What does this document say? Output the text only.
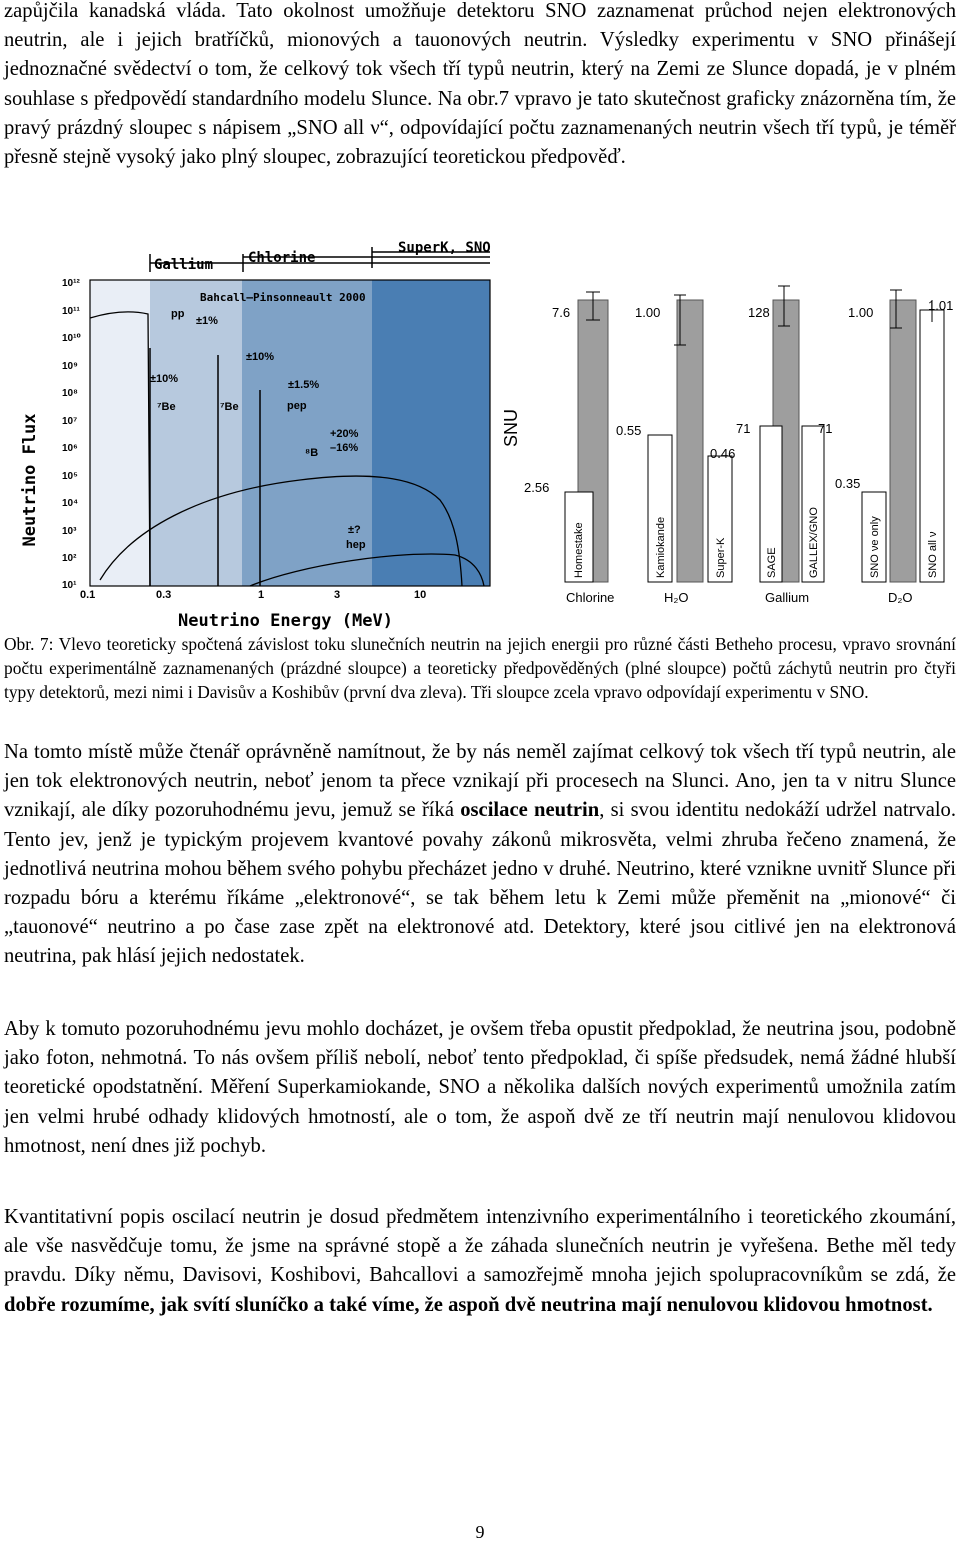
zapůjčila kanadská vláda. Tato okolnost umožňuje detektoru SNO zaznamenat průchod nejen elektronových neutrin, ale i jejich bratříčků, mionových a tauonových neutrin. Výsledky experimentu v SNO přinášejí jednoznačné svědectví o tom, že celkový tok všech tří typů neutrin, který na Zemi ze Slunce dopadá, je v plném souhlase s předpovědí standardního modelu Slunce. Na obr.7 vpravo je tato skutečnost graficky znázorněna tím, že pravý prázdný sloupec s nápisem „SNO all ν“, odpovídající počtu zaznamenaných neutrin všech tří typů, je téměř přesně stejně vysoký jako plný sloupec, zobrazující teoretickou předpověď.

Gallium Chlorine
SuperK, SNO
Bahcall–Pinsonneault 2000
10¹²
10¹¹
10¹⁰
10⁹
10⁸
10⁷
10⁶
10⁵
10⁴
10³
10²
10¹
Neutrino Flux
0.1	0.3	1	3	10
Neutrino Energy (MeV)
pp
±1%
±10%
±10%
⁷Be	⁷Be
±1.5%
pep
+20%
–16%
⁸B
±?
hep
SNU
7.6
2.56
Homestake
Chlorine
1.00
0.55
0.46
Kamiokande	Super-K
H₂O
128
71	71
SAGE	GALLEX/GNO
Gallium
1.00
0.35
1.01
SNO νe only	SNO all ν
D₂O

Obr. 7: Vlevo teoreticky spočtená závislost toku slunečních neutrin na jejich energii pro různé části Betheho procesu, vpravo srovnání počtu experimentálně zaznamenaných (prázdné sloupce) a teoreticky předpověděných (plné sloupce) počtů záchytů neutrin pro čtyři typy detektorů, mezi nimi i Davisův a Koshibův (první dva zleva). Tři sloupce zcela vpravo odpovídají experimentu v SNO.

Na tomto místě může čtenář oprávněně namítnout, že by nás neměl zajímat celkový tok všech tří typů neutrin, ale jen tok elektronových neutrin, neboť jenom ta přece vznikají při procesech na Slunci. Ano, jen ta v nitru Slunce vznikají, ale díky pozoruhodnému jevu, jemuž se říká oscilace neutrin, si svou identitu nedokáží udržel natrvalo. Tento jev, jenž je typickým projevem kvantové povahy zákonů mikrosvěta, velmi zhruba řečeno znamená, že jednotlivá neutrina mohou během svého pohybu přecházet jedno v druhé. Neutrino, které vznikne uvnitř Slunce při rozpadu bóru a kterému říkáme „elektronové“, se tak během letu k Zemi může přeměnit na „mionové“ či „tauonové“ neutrino a po čase zase zpět na elektronové atd. Detektory, které jsou citlivé jen na elektronová neutrina, pak hlásí jejich nedostatek.

Aby k tomuto pozoruhodnému jevu mohlo docházet, je ovšem třeba opustit předpoklad, že neutrina jsou, podobně jako foton, nehmotná. To nás ovšem příliš nebolí, neboť tento předpoklad, či spíše předsudek, nemá žádné hlubší teoretické opodstatnění. Měření Superkamiokande, SNO a několika dalších nových experimentů umožnila zatím jen velmi hrubé odhady klidových hmotností, ale o tom, že aspoň dvě ze tří neutrin mají nenulovou klidovou hmotnost, není dnes již pochyb.

Kvantitativní popis oscilací neutrin je dosud předmětem intenzivního experimentálního i teoretického zkoumání, ale vše nasvědčuje tomu, že jsme na správné stopě a že záhada slunečních neutrin je vyřešena. Bethe měl tedy pravdu. Díky němu, Davisovi, Koshibovi, Bahcallovi a samozřejmě mnoha jejich spolupracovníkům se zdá, že dobře rozumíme, jak svítí sluníčko a také víme, že aspoň dvě neutrina mají nenulovou klidovou hmotnost.

9
